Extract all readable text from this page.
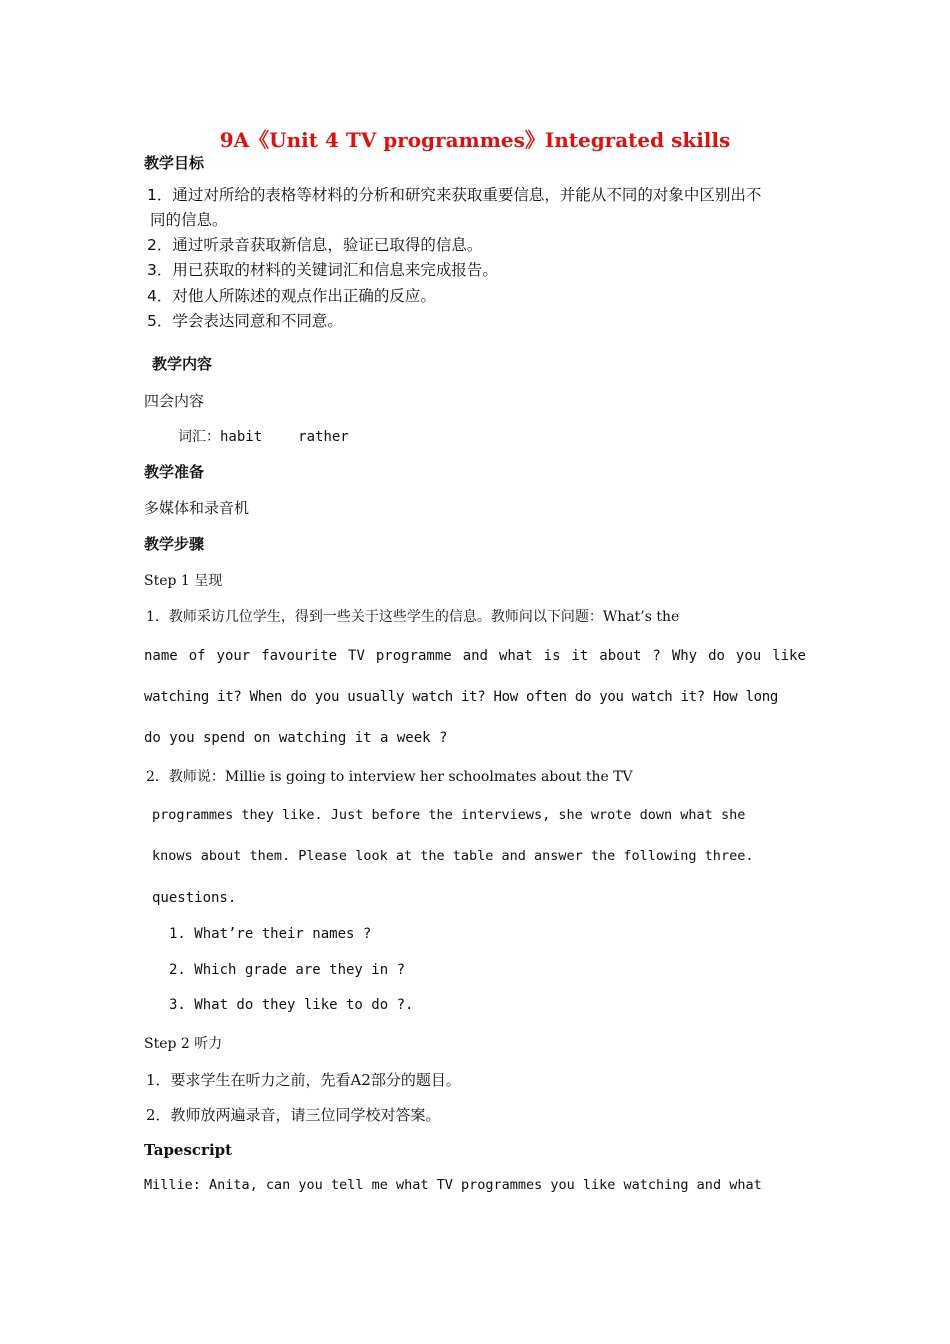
9A《Unit 4 TV programmes》Integrated skills
教学目标
1．通过对所给的表格等材料的分析和研究来获取重要信息，并能从不同的对象中区别出不
同的信息。
2．通过听录音获取新信息，验证已取得的信息。
3．用已获取的材料的关键词汇和信息来完成报告。
4．对他人所陈述的观点作出正确的反应。
5．学会表达同意和不同意。
教学内容
四会内容
词汇：habit	rather
教学准备
多媒体和录音机
教学步骤
Step 1 呈现
1．教师采访几位学生，得到一些关于这些学生的信息。教师问以下问题：What’s the
name of your favourite TV programme and what is it about ? Why do you like
watching it? When do you usually watch it? How often do you watch it? How long
do you spend on watching it a week ?
2．教师说：Millie is going to interview her schoolmates about the TV
programmes they like. Just before the interviews, she wrote down what she
knows about them. Please look at the table and answer the following three.
questions.
1. What’re their names ?
2. Which grade are they in ?
3. What do they like to do ?.
Step 2 听力
1．要求学生在听力之前，先看A2部分的题目。
2．教师放两遍录音，请三位同学校对答案。
Tapescript
Millie: Anita, can you tell me what TV programmes you like watching and what
